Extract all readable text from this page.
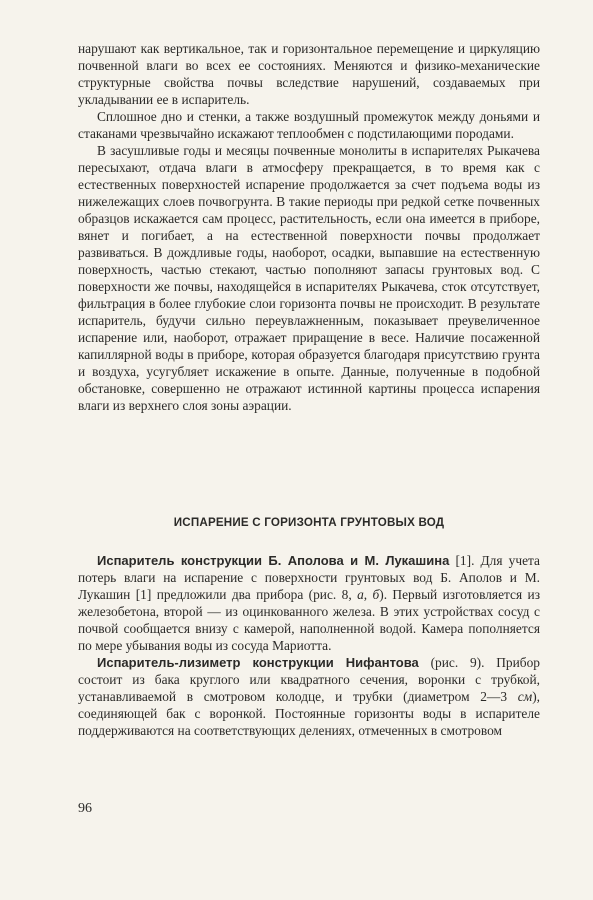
нарушают как вертикальное, так и горизонтальное перемещение и циркуляцию почвенной влаги во всех ее состояниях. Меняются и физико-механические структурные свойства почвы вследствие нарушений, создаваемых при укладывании ее в испаритель.

Сплошное дно и стенки, а также воздушный промежуток между доньями и стаканами чрезвычайно искажают теплообмен с подстилающими породами.

В засушливые годы и месяцы почвенные монолиты в испарителях Рыкачева пересыхают, отдача влаги в атмосферу прекращается, в то время как с естественных поверхностей испарение продолжается за счет подъема воды из нижележащих слоев почвогрунта. В такие периоды при редкой сетке почвенных образцов искажается сам процесс, растительность, если она имеется в приборе, вянет и погибает, а на естественной поверхности почвы продолжает развиваться. В дождливые годы, наоборот, осадки, выпавшие на естественную поверхность, частью стекают, частью пополняют запасы грунтовых вод. С поверхности же почвы, находящейся в испарителях Рыкачева, сток отсутствует, фильтрация в более глубокие слои горизонта почвы не происходит. В результате испаритель, будучи сильно переувлажненным, показывает преувеличенное испарение или, наоборот, отражает приращение в весе. Наличие посаженной капиллярной воды в приборе, которая образуется благодаря присутствию грунта и воздуха, усугубляет искажение в опыте. Данные, полученные в подобной обстановке, совершенно не отражают истинной картины процесса испарения влаги из верхнего слоя зоны аэрации.

ИСПАРЕНИЕ С ГОРИЗОНТА ГРУНТОВЫХ ВОД

Испаритель конструкции Б. Аполова и М. Лукашина [1]. Для учета потерь влаги на испарение с поверхности грунтовых вод Б. Аполов и М. Лукашин [1] предложили два прибора (рис. 8, а, б). Первый изготовляется из железобетона, второй — из оцинкованного железа. В этих устройствах сосуд с почвой сообщается внизу с камерой, наполненной водой. Камера пополняется по мере убывания воды из сосуда Мариотта.

Испаритель-лизиметр конструкции Нифантова (рис. 9). Прибор состоит из бака круглого или квадратного сечения, воронки с трубкой, устанавливаемой в смотровом колодце, и трубки (диаметром 2—3 см), соединяющей бак с воронкой. Постоянные горизонты воды в испарителе поддерживаются на соответствующих делениях, отмеченных в смотровом

96
